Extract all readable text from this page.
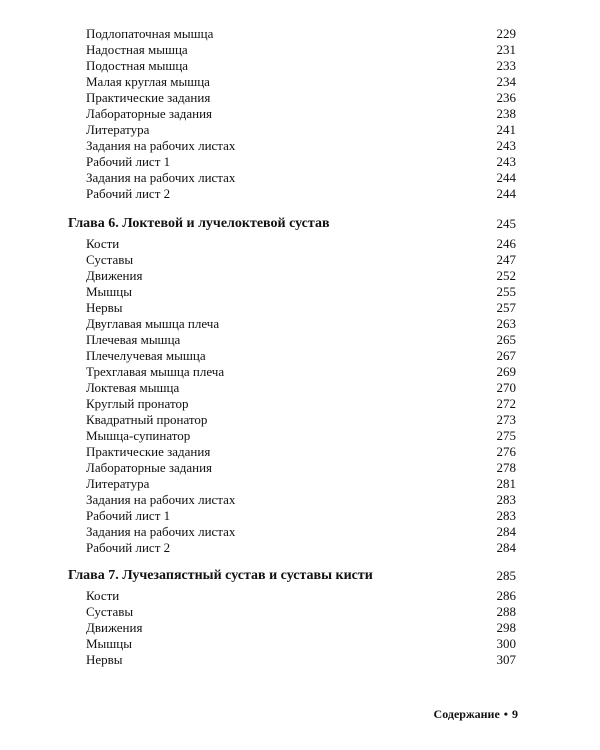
Подлопаточная мышца	229
Надостная мышца	231
Подостная мышца	233
Малая круглая мышца	234
Практические задания	236
Лабораторные задания	238
Литература	241
Задания на рабочих листах	243
Рабочий лист 1	243
Задания на рабочих листах	244
Рабочий лист 2	244
Глава 6. Локтевой и лучелоктевой сустав	245
Кости	246
Суставы	247
Движения	252
Мышцы	255
Нервы	257
Двуглавая мышца плеча	263
Плечевая мышца	265
Плечелучевая мышца	267
Трехглавая мышца плеча	269
Локтевая мышца	270
Круглый пронатор	272
Квадратный пронатор	273
Мышца-супинатор	275
Практические задания	276
Лабораторные задания	278
Литература	281
Задания на рабочих листах	283
Рабочий лист 1	283
Задания на рабочих листах	284
Рабочий лист 2	284
Глава 7. Лучезапястный сустав и суставы кисти	285
Кости	286
Суставы	288
Движения	298
Мышцы	300
Нервы	307
Содержание • 9
